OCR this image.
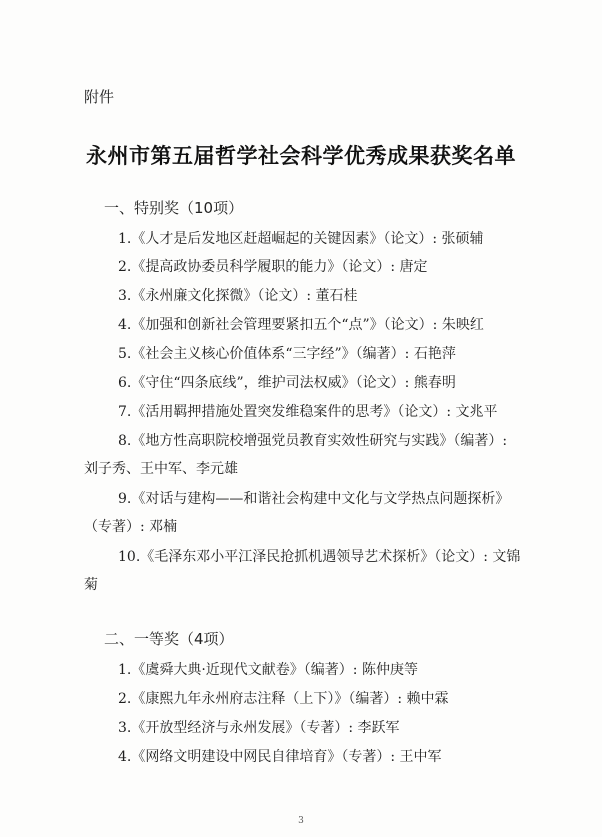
附件
永州市第五届哲学社会科学优秀成果获奖名单
一、特别奖（10项）
1.《人才是后发地区赶超崛起的关键因素》（论文）: 张硕辅
2.《提高政协委员科学履职的能力》（论文）: 唐定
3.《永州廉文化探微》（论文）: 董石桂
4.《加强和创新社会管理要紧扣五个“点”》（论文）: 朱映红
5.《社会主义核心价值体系“三字经”》（编著）: 石艳萍
6.《守住“四条底线”，维护司法权威》（论文）: 熊春明
7.《活用羁押措施处置突发维稳案件的思考》（论文）: 文兆平
8.《地方性高职院校增强党员教育实效性研究与实践》（编著）: 刘子秀、王中军、李元雄
9.《对话与建构——和谐社会构建中文化与文学热点问题探析》（专著）: 邓楠
10.《毛泽东邓小平江泽民抢抓机遇领导艺术探析》（论文）: 文锦菊
二、一等奖（4项）
1.《虞舜大典·近现代文献卷》（编著）: 陈仲庚等
2.《康熙九年永州府志注释（上下）》（编著）: 赖中霖
3.《开放型经济与永州发展》（专著）: 李跃军
4.《网络文明建设中网民自律培育》（专著）: 王中军
3
